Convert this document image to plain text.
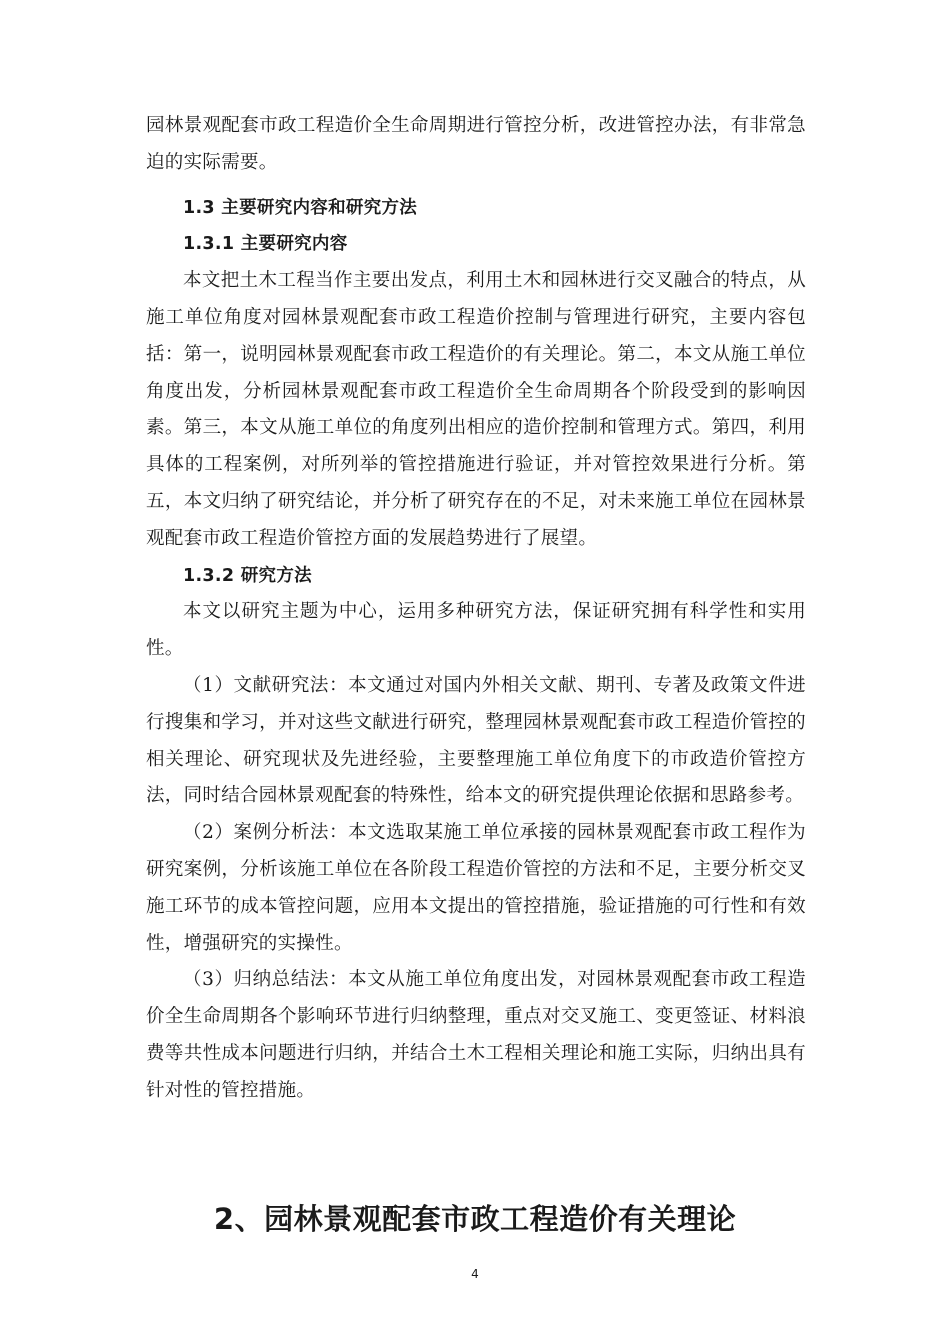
园林景观配套市政工程造价全生命周期进行管控分析，改进管控办法，有非常急迫的实际需要。

1.3 主要研究内容和研究方法
1.3.1 主要研究内容

本文把土木工程当作主要出发点，利用土木和园林进行交叉融合的特点，从施工单位角度对园林景观配套市政工程造价控制与管理进行研究，主要内容包括：第一，说明园林景观配套市政工程造价的有关理论。第二，本文从施工单位角度出发，分析园林景观配套市政工程造价全生命周期各个阶段受到的影响因素。第三，本文从施工单位的角度列出相应的造价控制和管理方式。第四，利用具体的工程案例，对所列举的管控措施进行验证，并对管控效果进行分析。第五，本文归纳了研究结论，并分析了研究存在的不足，对未来施工单位在园林景观配套市政工程造价管控方面的发展趋势进行了展望。

1.3.2 研究方法

本文以研究主题为中心，运用多种研究方法，保证研究拥有科学性和实用性。

（1）文献研究法：本文通过对国内外相关文献、期刊、专著及政策文件进行搜集和学习，并对这些文献进行研究，整理园林景观配套市政工程造价管控的相关理论、研究现状及先进经验，主要整理施工单位角度下的市政造价管控方法，同时结合园林景观配套的特殊性，给本文的研究提供理论依据和思路参考。

（2）案例分析法：本文选取某施工单位承接的园林景观配套市政工程作为研究案例，分析该施工单位在各阶段工程造价管控的方法和不足，主要分析交叉施工环节的成本管控问题，应用本文提出的管控措施，验证措施的可行性和有效性，增强研究的实操性。

（3）归纳总结法：本文从施工单位角度出发，对园林景观配套市政工程造价全生命周期各个影响环节进行归纳整理，重点对交叉施工、变更签证、材料浪费等共性成本问题进行归纳，并结合土木工程相关理论和施工实际，归纳出具有针对性的管控措施。

2、园林景观配套市政工程造价有关理论
4
